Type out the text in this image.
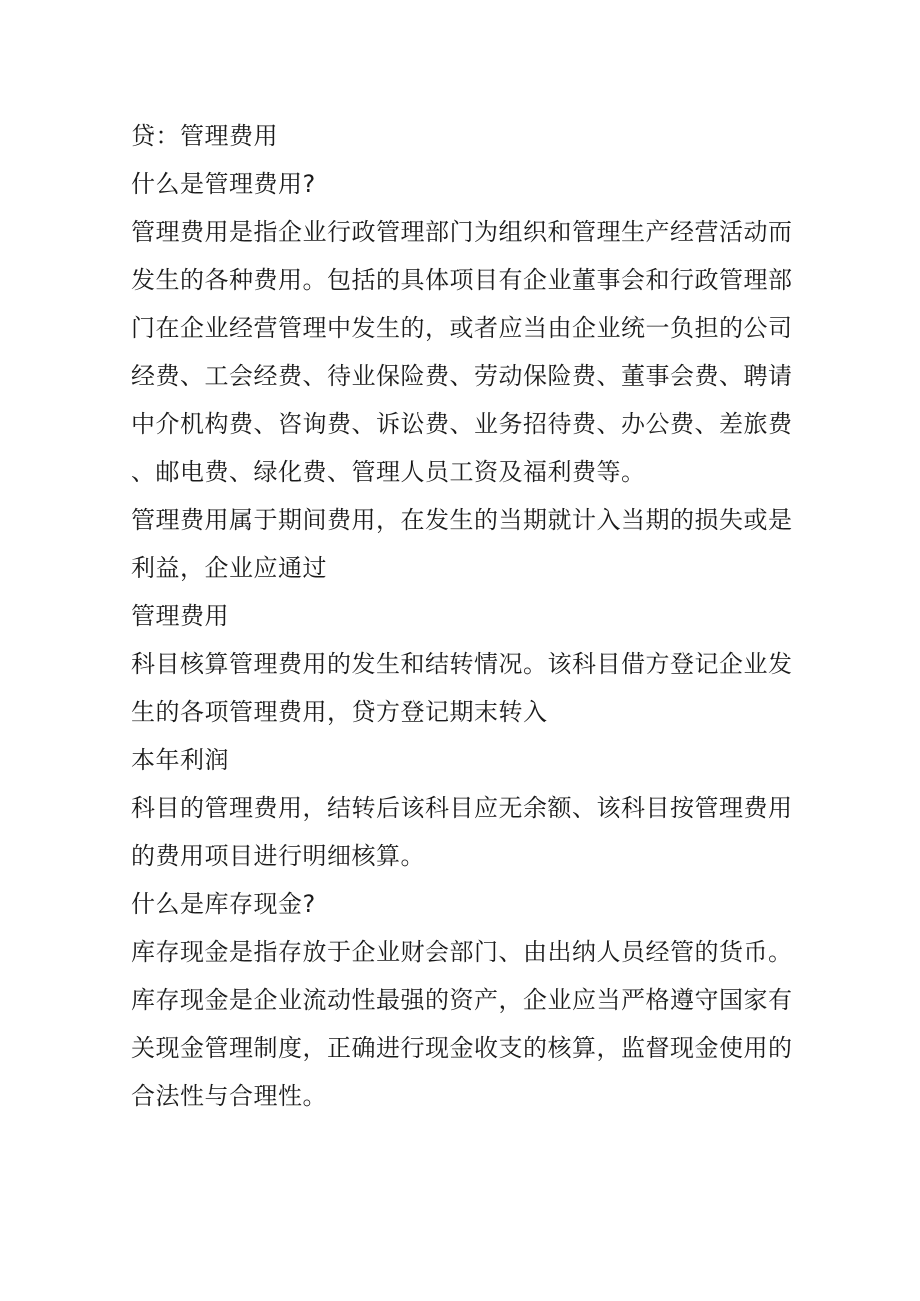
贷：管理费用

什么是管理费用?

管理费用是指企业行政管理部门为组织和管理生产经营活动而发生的各种费用。包括的具体项目有企业董事会和行政管理部门在企业经营管理中发生的，或者应当由企业统一负担的公司经费、工会经费、待业保险费、劳动保险费、董事会费、聘请中介机构费、咨询费、诉讼费、业务招待费、办公费、差旅费、邮电费、绿化费、管理人员工资及福利费等。

管理费用属于期间费用，在发生的当期就计入当期的损失或是利益，企业应通过

管理费用

科目核算管理费用的发生和结转情况。该科目借方登记企业发生的各项管理费用，贷方登记期末转入

本年利润

科目的管理费用，结转后该科目应无余额、该科目按管理费用的费用项目进行明细核算。

什么是库存现金?

库存现金是指存放于企业财会部门、由出纳人员经管的货币。库存现金是企业流动性最强的资产，企业应当严格遵守国家有关现金管理制度，正确进行现金收支的核算，监督现金使用的合法性与合理性。
